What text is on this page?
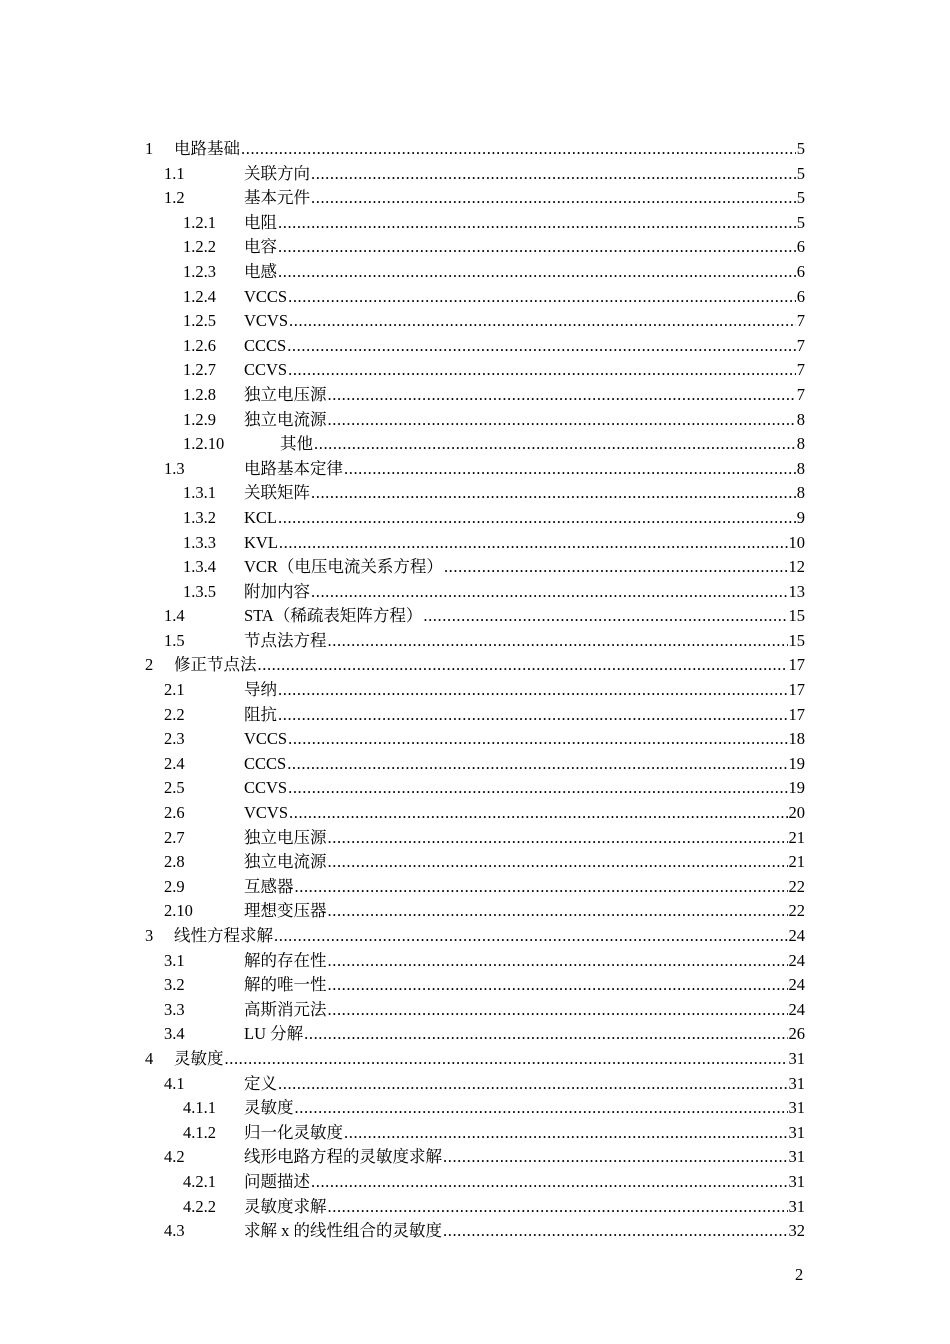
1 电路基础 .....	5
1.1	关联方向 .....	5
1.2	基本元件 .....	5
1.2.1 电阻 .....	5
1.2.2 电容 .....	6
1.2.3 电感 .....	6
1.2.4 VCCS .....	6
1.2.5 VCVS .....	7
1.2.6 CCCS .....	7
1.2.7 CCVS .....	7
1.2.8 独立电压源 .....	7
1.2.9 独立电流源 .....	8
1.2.10	其他 .....	8
1.3	电路基本定律 .....	8
1.3.1 关联矩阵 .....	8
1.3.2 KCL .....	9
1.3.3 KVL .....	10
1.3.4 VCR（电压电流关系方程） .....	12
1.3.5 附加内容 .....	13
1.4	STA（稀疏表矩阵方程） .....	15
1.5	节点法方程 .....	15
2 修正节点法 .....	17
2.1	导纳 .....	17
2.2	阻抗 .....	17
2.3	VCCS .....	18
2.4	CCCS .....	19
2.5	CCVS .....	19
2.6	VCVS .....	20
2.7	独立电压源 .....	21
2.8	独立电流源 .....	21
2.9	互感器 .....	22
2.10	理想变压器 .....	22
3 线性方程求解 .....	24
3.1	解的存在性 .....	24
3.2	解的唯一性 .....	24
3.3	高斯消元法 .....	24
3.4	LU 分解 .....	26
4 灵敏度 .....	31
4.1	定义 .....	31
4.1.1 灵敏度 .....	31
4.1.2 归一化灵敏度 .....	31
4.2	线形电路方程的灵敏度求解 .....	31
4.2.1 问题描述 .....	31
4.2.2 灵敏度求解 .....	31
4.3	求解 x 的线性组合的灵敏度 .....	32
2
